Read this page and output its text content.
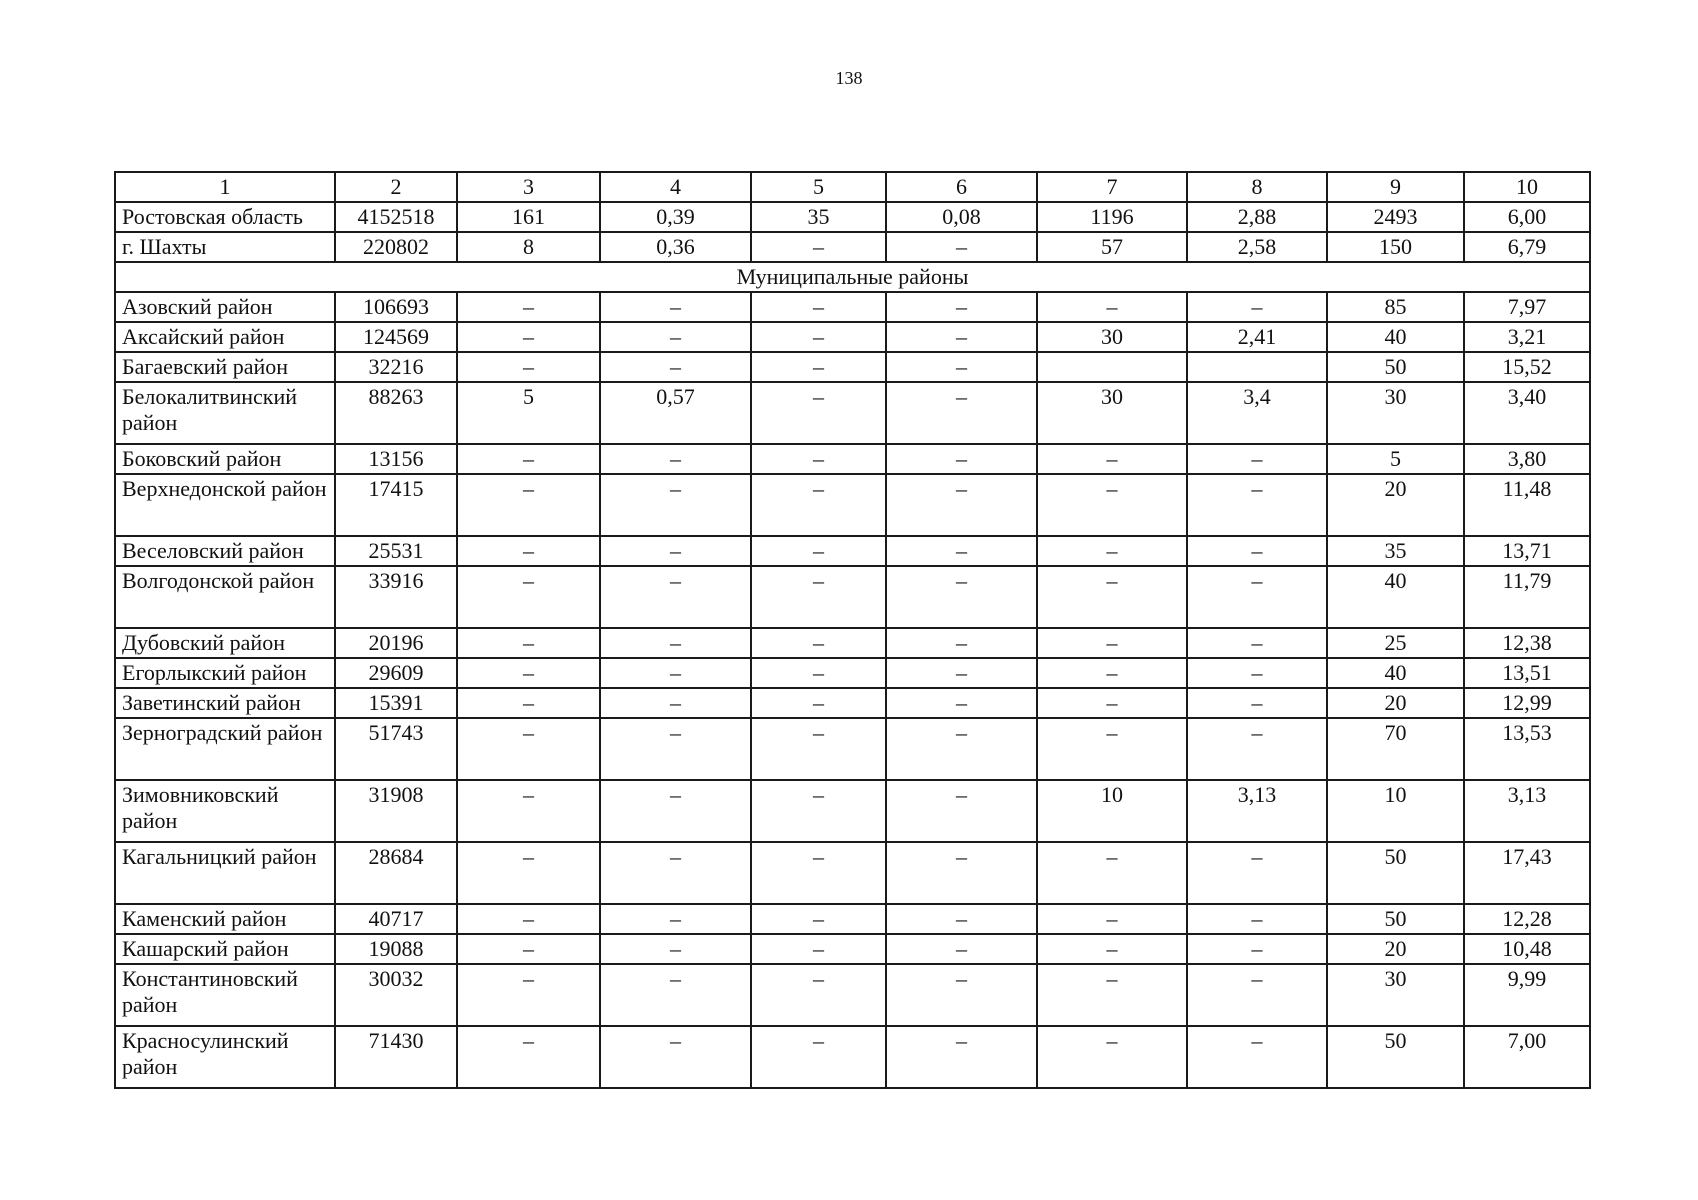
138
1	2	3	4	5	6	7	8	9	10
Ростовская область	4152518	161	0,39	35	0,08	1196	2,88	2493	6,00
г. Шахты	220802	8	0,36	–	–	57	2,58	150	6,79
Муниципальные районы									
Азовский район	106693	–	–	–	–	–	–	85	7,97
Аксайский район	124569	–	–	–	–	30	2,41	40	3,21
Багаевский район	32216	–	–	–	–			50	15,52
Белокалитвинский район	88263	5	0,57	–	–	30	3,4	30	3,40
Боковский район	13156	–	–	–	–	–	–	5	3,80
Верхнедонской район	17415	–	–	–	–	–	–	20	11,48
Веселовский район	25531	–	–	–	–	–	–	35	13,71
Волгодонской район	33916	–	–	–	–	–	–	40	11,79
Дубовский район	20196	–	–	–	–	–	–	25	12,38
Егорлыкский район	29609	–	–	–	–	–	–	40	13,51
Заветинский район	15391	–	–	–	–	–	–	20	12,99
Зерноградский район	51743	–	–	–	–	–	–	70	13,53
Зимовниковский район	31908	–	–	–	–	10	3,13	10	3,13
Кагальницкий район	28684	–	–	–	–	–	–	50	17,43
Каменский район	40717	–	–	–	–	–	–	50	12,28
Кашарский район	19088	–	–	–	–	–	–	20	10,48
Константиновский район	30032	–	–	–	–	–	–	30	9,99
Красносулинский район	71430	–	–	–	–	–	–	50	7,00
